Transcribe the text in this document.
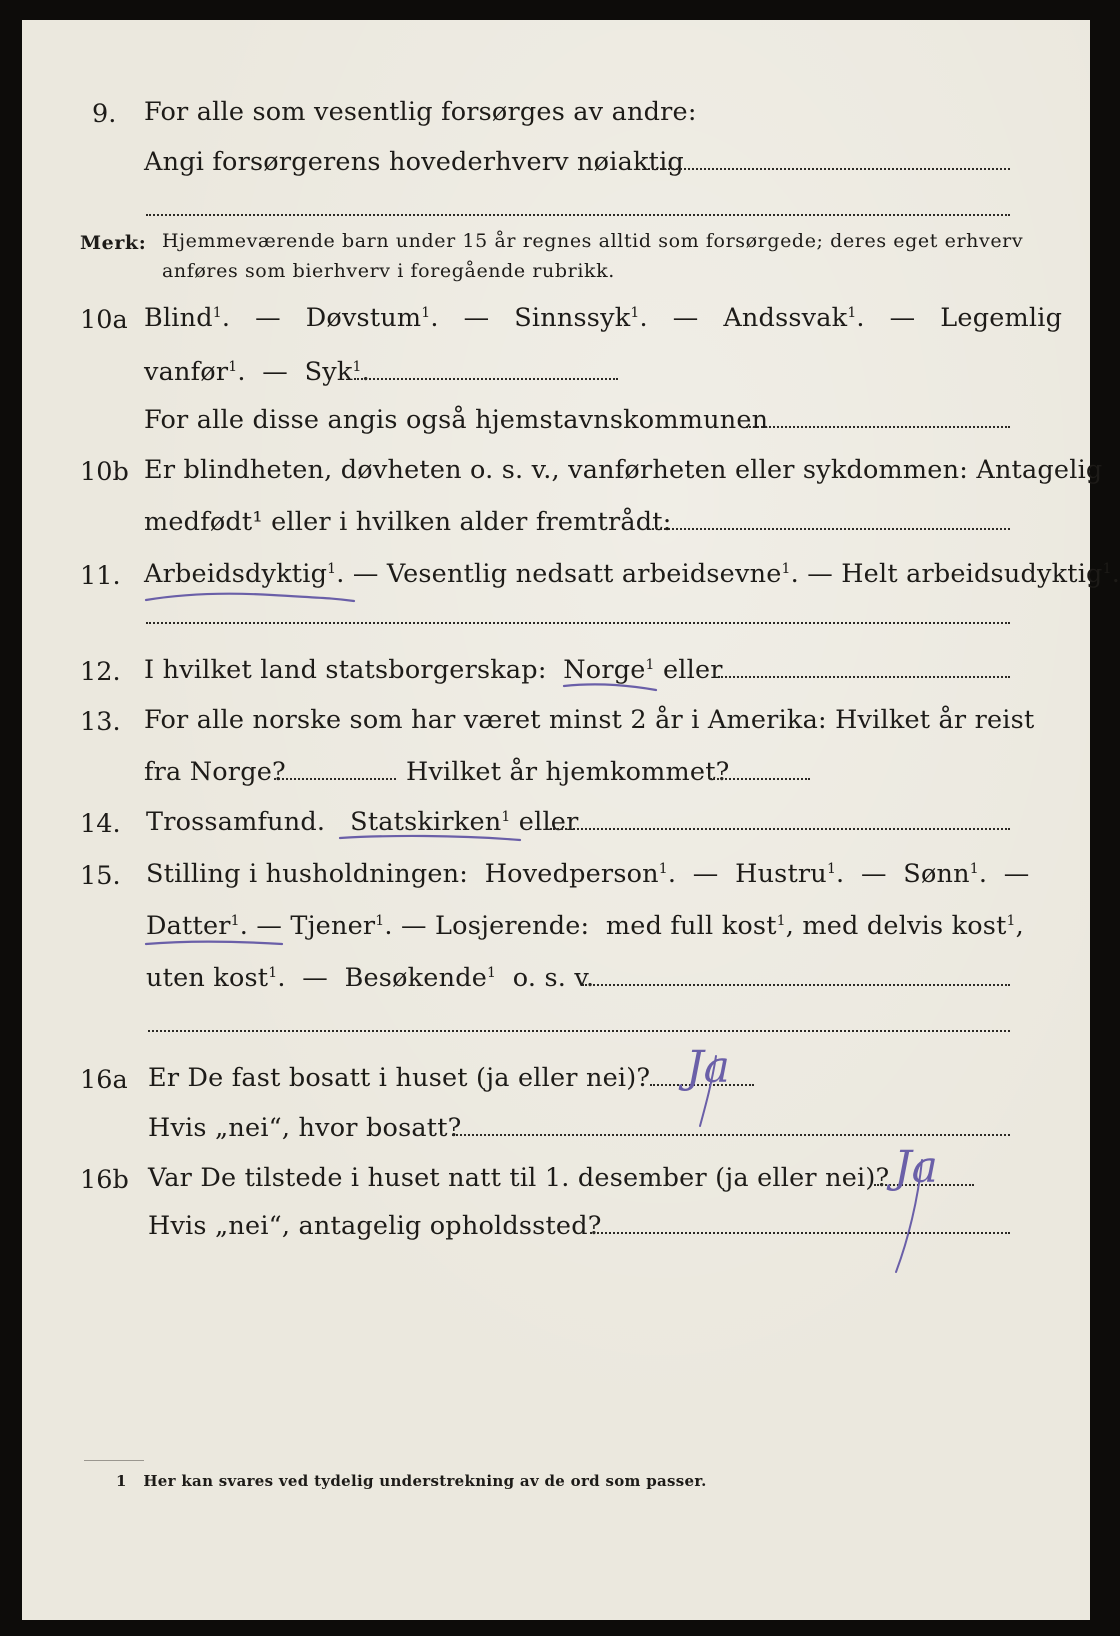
9. For alle som vesentlig forsørges av andre:
Angi forsørgerens hovederhverv nøiaktig
Merk: Hjemmeværende barn under 15 år regnes alltid som forsørgede; deres eget erhverv
anføres som bierhverv i foregående rubrikk.
10a Blind$^1$.   —   Døvstum$^1$.   —   Sinnssyk$^1$.   —   Andssvak$^1$.   —   Legemlig
vanfør$^1$.  —  Syk$^1$.
For alle disse angis også hjemstavnskommunen
10b Er blindheten, døvheten o. s. v., vanførheten eller sykdommen: Antagelig
medfødt¹ eller i hvilken alder fremtrådt:
11. Arbeidsdyktig$^1$. — Vesentlig nedsatt arbeidsevne$^1$. — Helt arbeidsudyktig$^1$.
12. I hvilket land statsborgerskap: Norge$^1$ eller
13. For alle norske som har været minst 2 år i Amerika: Hvilket år reist
fra Norge?	Hvilket år hjemkommet?
14. Trossamfund. Statskirken$^1$ eller
15. Stilling i husholdningen: Hovedperson$^1$.  —  Hustru$^1$.  —  Sønn$^1$.  —
Datter$^1$. — Tjener$^1$. — Losjerende: med full kost$^1$, med delvis kost$^1$,
uten kost$^1$.  —  Besøkende$^1$ o. s. v.
16a Er De fast bosatt i huset (ja eller nei)? Ja
Hvis „nei“, hvor bosatt?
16b Var De tilstede i huset natt til 1. desember (ja eller nei)? Ja
Hvis „nei“, antagelig opholdssted?
1 Her kan svares ved tydelig understrekning av de ord som passer.
